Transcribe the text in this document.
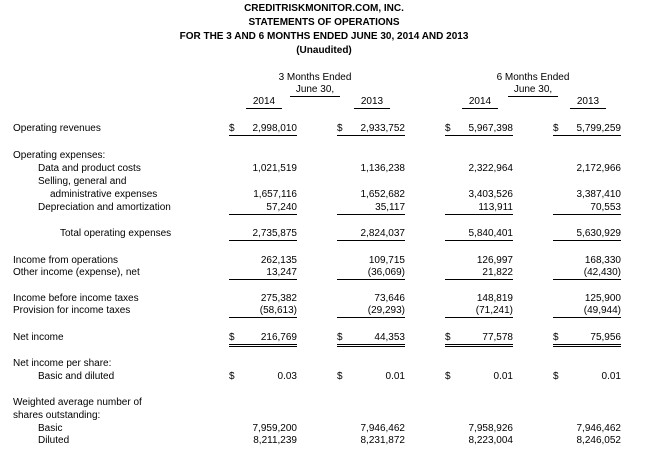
CREDITRISKMONITOR.COM, INC.
STATEMENTS OF OPERATIONS
FOR THE 3 AND 6 MONTHS ENDED JUNE 30, 2014 AND 2013
(Unaudited)
3 Months Ended
June 30,
6 Months Ended
June 30,
2014	2013	2014	2013
Operating revenues	$ 2,998,010	$ 2,933,752	$ 5,967,398	$ 5,799,259
Operating expenses:
Data and product costs	1,021,519	1,136,238	2,322,964	2,172,966
Selling, general and
administrative expenses	1,657,116	1,652,682	3,403,526	3,387,410
Depreciation and amortization	57,240	35,117	113,911	70,553
Total operating expenses	2,735,875	2,824,037	5,840,401	5,630,929
Income from operations	262,135	109,715	126,997	168,330
Other income (expense), net	13,247	(36,069)	21,822	(42,430)
Income before income taxes	275,382	73,646	148,819	125,900
Provision for income taxes	(58,613)	(29,293)	(71,241)	(49,944)
Net income	$	216,769	$	44,353	$	77,578	$	75,956
Net income per share:
Basic and diluted	$	0.03	$	0.01	$	0.01	$	0.01
Weighted average number of
shares outstanding:
Basic	7,959,200	7,946,462	7,958,926	7,946,462
Diluted	8,211,239	8,231,872	8,223,004	8,246,052
